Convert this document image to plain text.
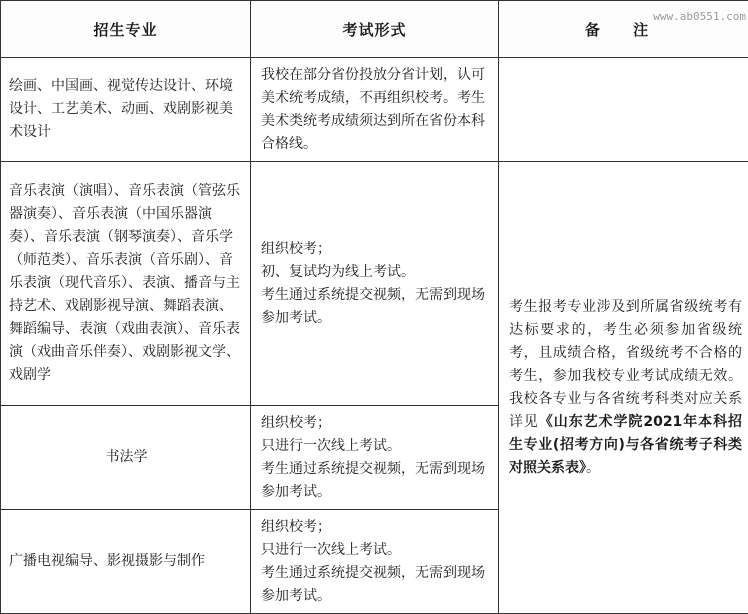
招生专业	考试形式	备 注
绘画、中国画、视觉传达设计、环境设计、工艺美术、动画、戏剧影视美术设计	我校在部分省份投放分省计划，认可美术统考成绩，不再组织校考。考生美术类统考成绩须达到所在省份本科合格线。	

音乐表演（演唱）、音乐表演（管弦乐器演奏）、音乐表演（中国乐器演奏）、音乐表演（钢琴演奏）、音乐学（师范类）、音乐表演（音乐剧）、音乐表演（现代音乐）、表演、播音与主持艺术、戏剧影视导演、舞蹈表演、舞蹈编导、表演（戏曲表演）、音乐表演（戏曲音乐伴奏）、戏剧影视文学、戏剧学	组织校考；
初、复试均为线上考试。
考生通过系统提交视频，无需到现场参加考试。	考生报考专业涉及到所属省级统考有达标要求的，考生必须参加省级统考，且成绩合格，省级统考不合格的考生，参加我校专业考试成绩无效。我校各专业与各省统考科类对应关系详见《山东艺术学院2021年本科招生专业(招考方向)与各省统考子科类对照关系表》。

书法学	组织校考；
只进行一次线上考试。
考生通过系统提交视频，无需到现场参加考试。	

广播电视编导、影视摄影与制作	组织校考；
只进行一次线上考试。
考生通过系统提交视频，无需到现场参加考试。	
www.ab0551.com
